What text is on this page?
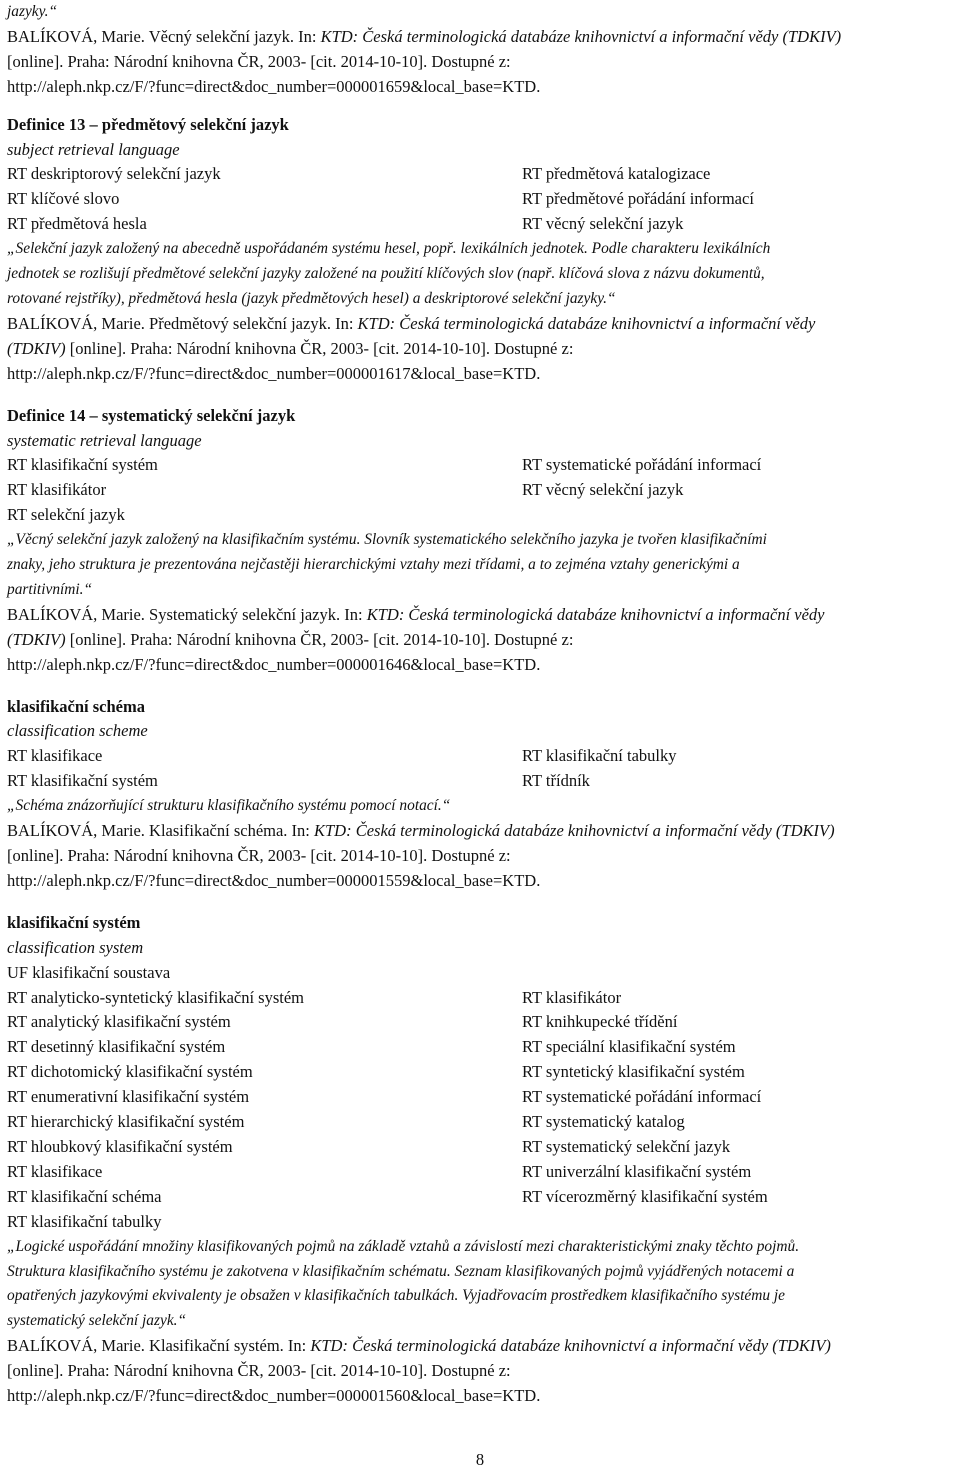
jazyky.“
BALÍKOVÁ, Marie. Věcný selekční jazyk. In: KTD: Česká terminologická databáze knihovnictví a informační vědy (TDKIV)
[online]. Praha: Národní knihovna ČR, 2003- [cit. 2014-10-10]. Dostupné z:
http://aleph.nkp.cz/F/?func=direct&doc_number=000001659&local_base=KTD.
Definice 13 – předmětový selekční jazyk
subject retrieval language
RT deskriptorový selekční jazyk	RT předmětová katalogizace
RT klíčové slovo	RT předmětové pořádání informací
RT předmětová hesla	RT věcný selekční jazyk
„Selekční jazyk založený na abecedně uspořádaném systému hesel, popř. lexikálních jednotek. Podle charakteru lexikálních
jednotek se rozlišují předmětové selekční jazyky založené na použití klíčových slov (např. klíčová slova z názvu dokumentů,
rotované rejstříky), předmětová hesla (jazyk předmětových hesel) a deskriptorové selekční jazyky.“
BALÍKOVÁ, Marie. Předmětový selekční jazyk. In: KTD: Česká terminologická databáze knihovnictví a informační vědy
(TDKIV) [online]. Praha: Národní knihovna ČR, 2003- [cit. 2014-10-10]. Dostupné z:
http://aleph.nkp.cz/F/?func=direct&doc_number=000001617&local_base=KTD.
Definice 14 – systematický selekční jazyk
systematic retrieval language
RT klasifikační systém	RT systematické pořádání informací
RT klasifikátor	RT věcný selekční jazyk
RT selekční jazyk
„Věcný selekční jazyk založený na klasifikačním systému. Slovník systematického selekčního jazyka je tvořen klasifikačními
znaky, jeho struktura je prezentována nejčastěji hierarchickými vztahy mezi třídami, a to zejména vztahy generickými a
partitivními.“
BALÍKOVÁ, Marie. Systematický selekční jazyk. In: KTD: Česká terminologická databáze knihovnictví a informační vědy
(TDKIV) [online]. Praha: Národní knihovna ČR, 2003- [cit. 2014-10-10]. Dostupné z:
http://aleph.nkp.cz/F/?func=direct&doc_number=000001646&local_base=KTD.
klasifikační schéma
classification scheme
RT klasifikace	RT klasifikační tabulky
RT klasifikační systém	RT třídník
„Schéma znázorňující strukturu klasifikačního systému pomocí notací.“
BALÍKOVÁ, Marie. Klasifikační schéma. In: KTD: Česká terminologická databáze knihovnictví a informační vědy (TDKIV)
[online]. Praha: Národní knihovna ČR, 2003- [cit. 2014-10-10]. Dostupné z:
http://aleph.nkp.cz/F/?func=direct&doc_number=000001559&local_base=KTD.
klasifikační systém
classification system
UF klasifikační soustava
RT analyticko-syntetický klasifikační systém	RT klasifikátor
RT analytický klasifikační systém	RT knihkupecké třídění
RT desetinný klasifikační systém	RT speciální klasifikační systém
RT dichotomický klasifikační systém	RT syntetický klasifikační systém
RT enumerativní klasifikační systém	RT systematické pořádání informací
RT hierarchický klasifikační systém	RT systematický katalog
RT hloubkový klasifikační systém	RT systematický selekční jazyk
RT klasifikace	RT univerzální klasifikační systém
RT klasifikační schéma	RT vícerozměrný klasifikační systém
RT klasifikační tabulky
„Logické uspořádání množiny klasifikovaných pojmů na základě vztahů a závislostí mezi charakteristickými znaky těchto pojmů.
Struktura klasifikačního systému je zakotvena v klasifikačním schématu. Seznam klasifikovaných pojmů vyjádřených notacemi a
opatřených jazykovými ekvivalenty je obsažen v klasifikačních tabulkách. Vyjadřovacím prostředkem klasifikačního systému je
systematický selekční jazyk.“
BALÍKOVÁ, Marie. Klasifikační systém. In: KTD: Česká terminologická databáze knihovnictví a informační vědy (TDKIV)
[online]. Praha: Národní knihovna ČR, 2003- [cit. 2014-10-10]. Dostupné z:
http://aleph.nkp.cz/F/?func=direct&doc_number=000001560&local_base=KTD.
8
